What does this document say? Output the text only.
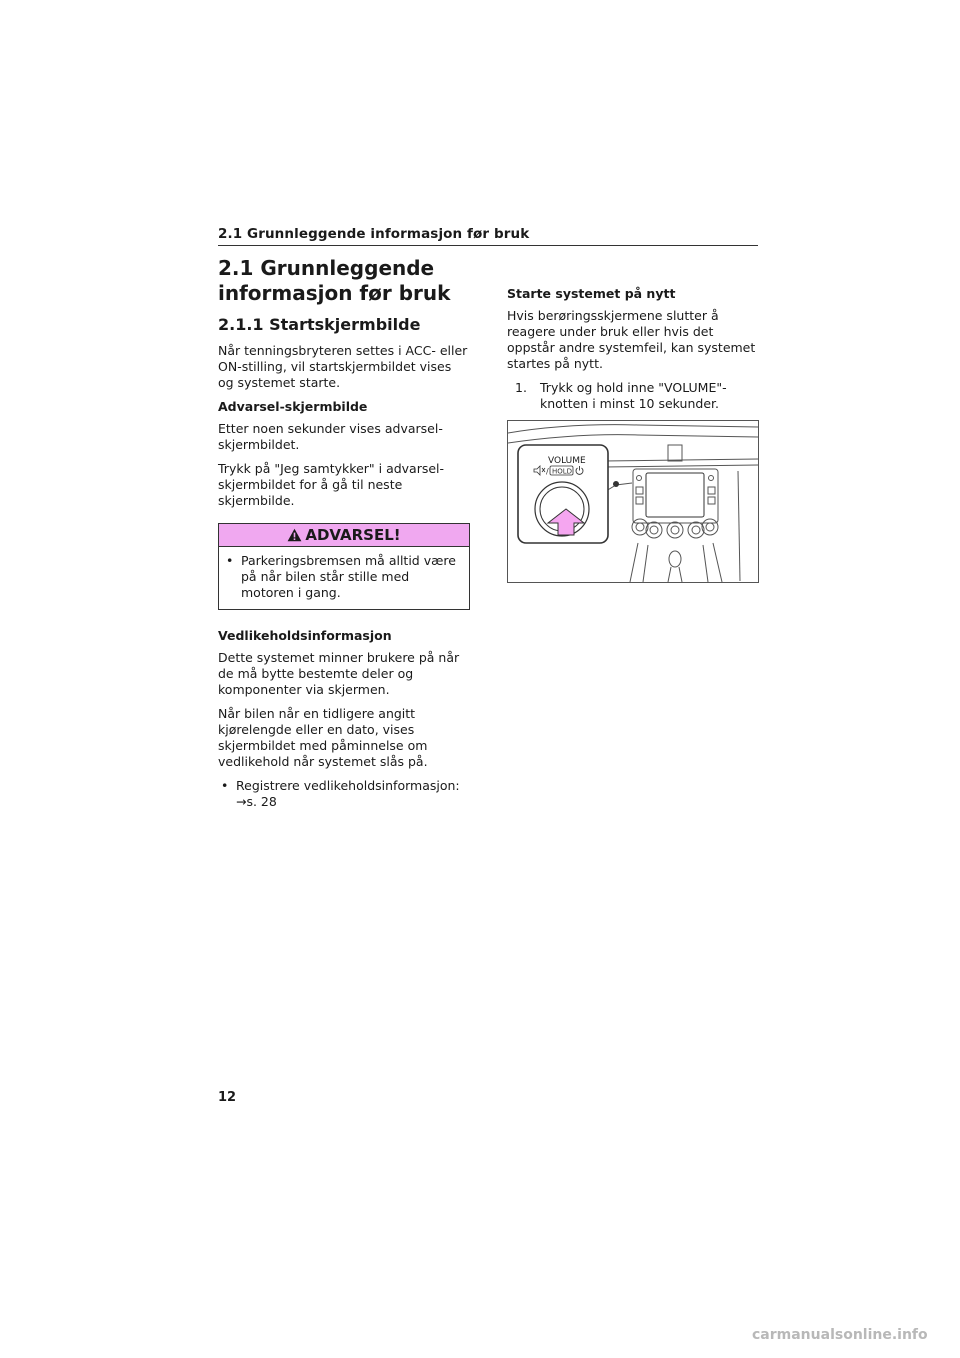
2.1 Grunnleggende informasjon før bruk
2.1 Grunnleggende informasjon før bruk
2.1.1 Startskjermbilde
Når tenningsbryteren settes i ACC- eller ON-stilling, vil startskjermbildet vises og systemet starte.
Advarsel-skjermbilde
Etter noen sekunder vises advarsel-skjermbildet.
Trykk på "Jeg samtykker" i advarsel-skjermbildet for å gå til neste skjermbilde.
ADVARSEL!
• Parkeringsbremsen må alltid være på når bilen står stille med motoren i gang.
Vedlikeholdsinformasjon
Dette systemet minner brukere på når de må bytte bestemte deler og komponenter via skjermen.
Når bilen når en tidligere angitt kjørelengde eller en dato, vises skjermbildet med påminnelse om vedlikehold når systemet slås på.
• Registrere vedlikeholdsinformasjon: →s. 28
Starte systemet på nytt
Hvis berøringsskjermene slutter å reagere under bruk eller hvis det oppstår andre systemfeil, kan systemet startes på nytt.
1. Trykk og hold inne "VOLUME"-knotten i minst 10 sekunder.
VOLUME
/ HOLD
12
carmanualsonline.info
